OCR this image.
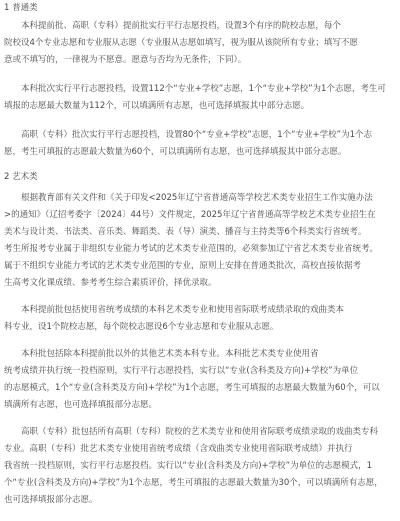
1 普通类

本科提前批、高职（专科）提前批实行平行志愿投档，设置3个有序的院校志愿，每个
院校设4个专业志愿和专业服从志愿（专业服从志愿如填写，视为服从该院所有专业；填写不愿
意或不填写的，一律视为不愿意。愿意与否均为无条件，下同）。

本科批次实行平行志愿投档，设置112个“专业+学校”志愿，1个“专业+学校”为1个志愿，考生可
填报的志愿最大数量为112个，可以填满所有志愿，也可选择填报其中部分志愿。

高职（专科）批次实行平行志愿投档，设置80个“专业+学校”志愿，1个“专业+学校”为1个志
愿，考生可填报的志愿最大数量为60个，可以填满所有志愿，也可选择填报其中部分志愿。

2 艺术类

根据教育部有关文件和《关于印发<2025年辽宁省普通高等学校艺术类专业招生工作实施办法
>的通知》（辽招考委字〔2024〕44号）文件规定，2025年辽宁省普通高等学校艺术类专业招生在
美术与设计类、书法类、音乐类、舞蹈类、表（导）演类、播音与主持类等6个科类实行省统考。
考生所报考专业属于非组织专业能力考试的艺术类专业范围的，必须参加辽宁省艺术类专业省统考。
属于不组织专业能力考试的艺术类专业范围的专业，原则上安排在普通类批次，高校直接依据考
生高考文化课成绩、参考考生综合素质评价，择优录取。

本科提前批包括使用省统考成绩的本科艺术类专业和使用省际联考成绩录取的戏曲类本
科专业，设1个院校志愿，每个院校志愿设6个专业志愿和专业服从志愿。

本科批包括除本科提前批以外的其他艺术类本科专业。本科批艺术类专业使用省
统考成绩并执行统一投档原则，实行平行志愿投档，实行以“专业(含科类及方向)+学校”为单位
的志愿模式，1个“专业(含科类及方向)+学校”为1个志愿，考生可填报的志愿最大数量为60个，可以
填满所有志愿，也可选择填报部分志愿。

高职（专科）批包括所有高职（专科）院校的艺术类专业和使用省际联考成绩录取的戏曲类专科
专业。高职（专科）批艺术类专业使用省统考成绩（含戏曲类专业使用省际联考成绩）并执行
我省统一投档原则，实行平行志愿投档。实行以“专业(含科类及方向)+学校”为单位的志愿模式，1
个“专业(含科类及方向)+学校”为1个志愿，考生可填报的志愿最大数量为30个，可以填满所有志愿，
也可选择填报部分志愿。
